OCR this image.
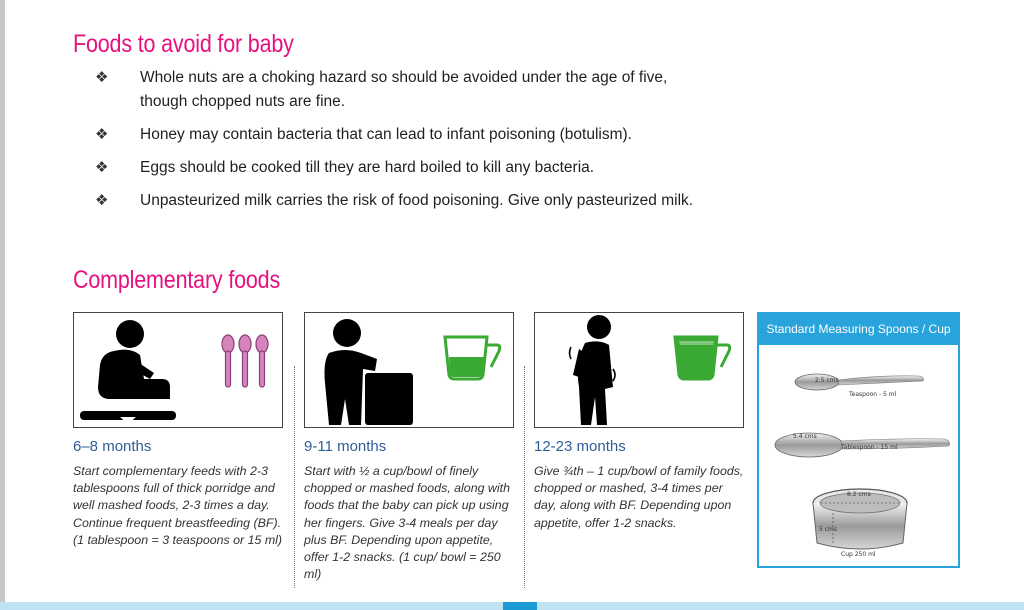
Foods to avoid for baby
❖ Whole nuts are a choking hazard so should be avoided under the age of five, though chopped nuts are fine.
❖ Honey may contain bacteria that can lead to infant poisoning (botulism).
❖ Eggs should be cooked till they are hard boiled to kill any bacteria.
❖ Unpasteurized milk carries the risk of food poisoning. Give only pasteurized milk.
Complementary foods
6–8 months

Start complementary feeds with 2-3 tablespoons full of thick porridge and well mashed foods, 2-3 times a day. Continue frequent breastfeeding (BF). (1 tablespoon = 3 teaspoons or 15 ml)

9-11 months

Start with ½ a cup/bowl of finely chopped or mashed foods, along with foods that the baby can pick up using her fingers. Give 3-4 meals per day plus BF. Depending upon appetite, offer 1-2 snacks. (1 cup/ bowl = 250 ml)

12-23 months

Give ¾th – 1 cup/bowl of family foods, chopped or mashed, 3-4 times per day, along with BF. Depending upon appetite, offer 1-2 snacks.

Standard Measuring Spoons / Cup
2.5 cms
Teaspoon - 5 ml
5.4 cms
Tablespoon - 15 ml
8.2 cms
5 cms
Cup 250 ml
